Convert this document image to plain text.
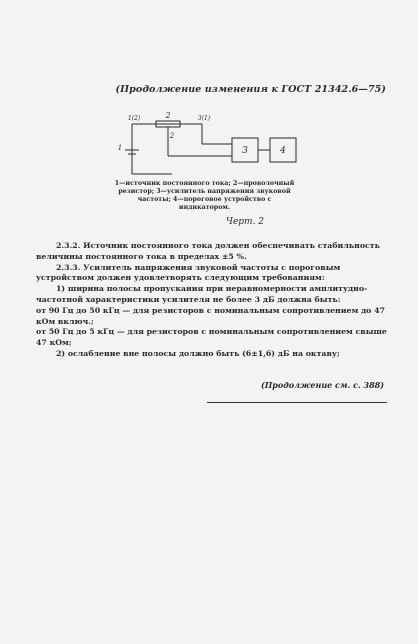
(Продолжение изменения к ГОСТ 21342.6—75)
2
1(2)	3(1)
1
2
3	4
1—источник постоянного тока; 2—проволочный резистор; 3—усилитель напряжения звуковой частоты; 4—пороговое устройство с индикатором.
Черт. 2

2.3.2. Источник постоянного тока должен обеспечивать стабильность величины постоянного тока в пределах ±5 %.

2.3.3. Усилитель напряжения звуковой частоты с пороговым устройством должен удовлетворять следующим требованиям:

1) ширина полосы пропускания при неравномерности амплитудно-частотной характеристики усилителя не более 3 дБ должна быть:

от 90 Гц до 50 кГц — для резисторов с номинальным сопротивлением до 47 кОм включ.;

от 50 Гц до 5 кГц — для резисторов с номинальным сопротивлением свыше 47 кОм;

2) ослабление вне полосы должно быть (6±1,6) дБ на октаву;

(Продолжение см. с. 388)
